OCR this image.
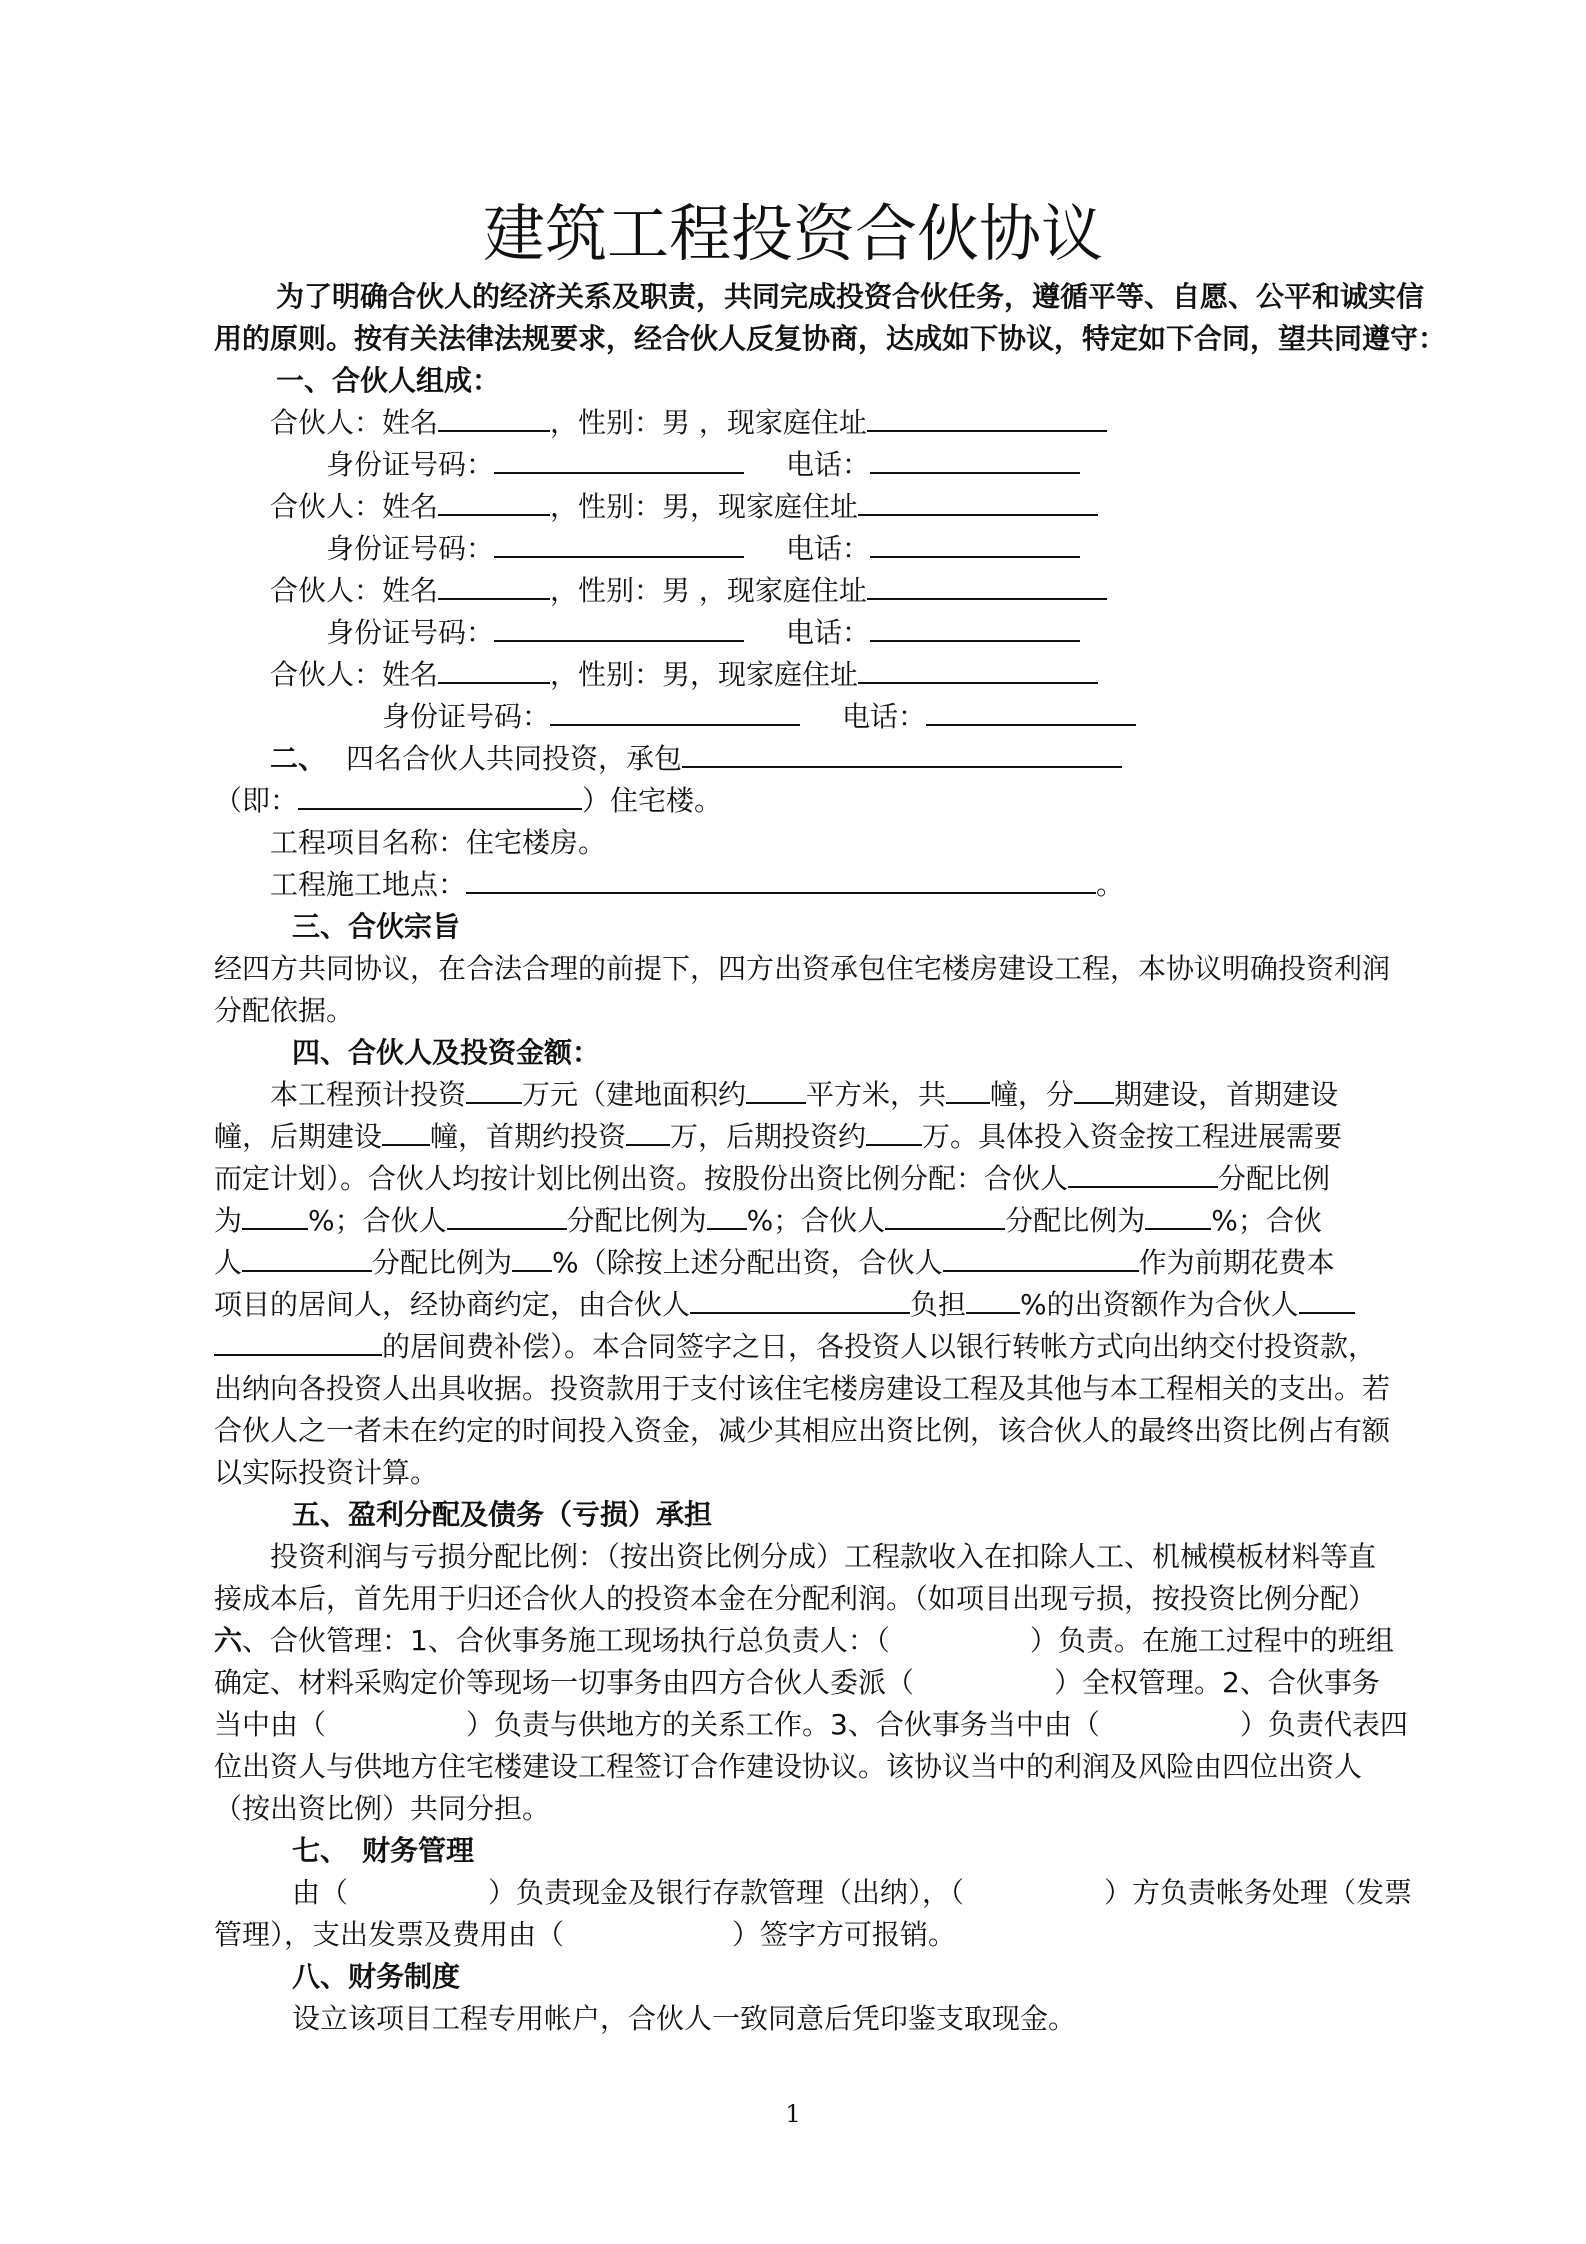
建筑工程投资合伙协议
为了明确合伙人的经济关系及职责，共同完成投资合伙任务，遵循平等、自愿、公平和诚实信
用的原则。按有关法律法规要求，经合伙人反复协商，达成如下协议，特定如下合同，望共同遵守：
一、合伙人组成：
合伙人：姓名	，性别：男 ，现家庭住址
身份证号码：	电话：
合伙人：姓名	，性别：男，现家庭住址
身份证号码：	电话：
合伙人：姓名	，性别：男 ，现家庭住址
身份证号码：	电话：
合伙人：姓名	，性别：男，现家庭住址
身份证号码：	电话：
二、 四名合伙人共同投资，承包
（即：	）住宅楼。
工程项目名称：住宅楼房。
工程施工地点：	。
三、合伙宗旨
经四方共同协议，在合法合理的前提下，四方出资承包住宅楼房建设工程，本协议明确投资利润
分配依据。
四、合伙人及投资金额：
本工程预计投资 万元（建地面积约 平方米，共 幢，分 期建设，首期建设
幢，后期建设 幢，首期约投资 万，后期投资约 万。具体投入资金按工程进展需要
而定计划）。合伙人均按计划比例出资。按股份出资比例分配：合伙人	分配比例
为 %；合伙人	分配比例为 %；合伙人	分配比例为 %；合伙
人	分配比例为 %（除按上述分配出资，合伙人	作为前期花费本
项目的居间人，经协商约定，由合伙人	负担 %的出资额作为合伙人
的居间费补偿）。本合同签字之日，各投资人以银行转帐方式向出纳交付投资款，
出纳向各投资人出具收据。投资款用于支付该住宅楼房建设工程及其他与本工程相关的支出。若
合伙人之一者未在约定的时间投入资金，减少其相应出资比例，该合伙人的最终出资比例占有额
以实际投资计算。
五、盈利分配及债务（亏损）承担
投资利润与亏损分配比例：（按出资比例分成）工程款收入在扣除人工、机械模板材料等直
接成本后，首先用于归还合伙人的投资本金在分配利润。（如项目出现亏损，按投资比例分配）
六、合伙管理：1、合伙事务施工现场执行总负责人：（　　　　　）负责。在施工过程中的班组
确定、材料采购定价等现场一切事务由四方合伙人委派（　　　　　）全权管理。2、合伙事务
当中由（　　　　　）负责与供地方的关系工作。3、合伙事务当中由（　　　　　）负责代表四
位出资人与供地方住宅楼建设工程签订合作建设协议。该协议当中的利润及风险由四位出资人
（按出资比例）共同分担。
七、　财务管理
由（　　　　　）负责现金及银行存款管理（出纳），（　　　　　）方负责帐务处理（发票
管理），支出发票及费用由（　　　　　　）签字方可报销。
八、财务制度
设立该项目工程专用帐户，合伙人一致同意后凭印鉴支取现金。
1
